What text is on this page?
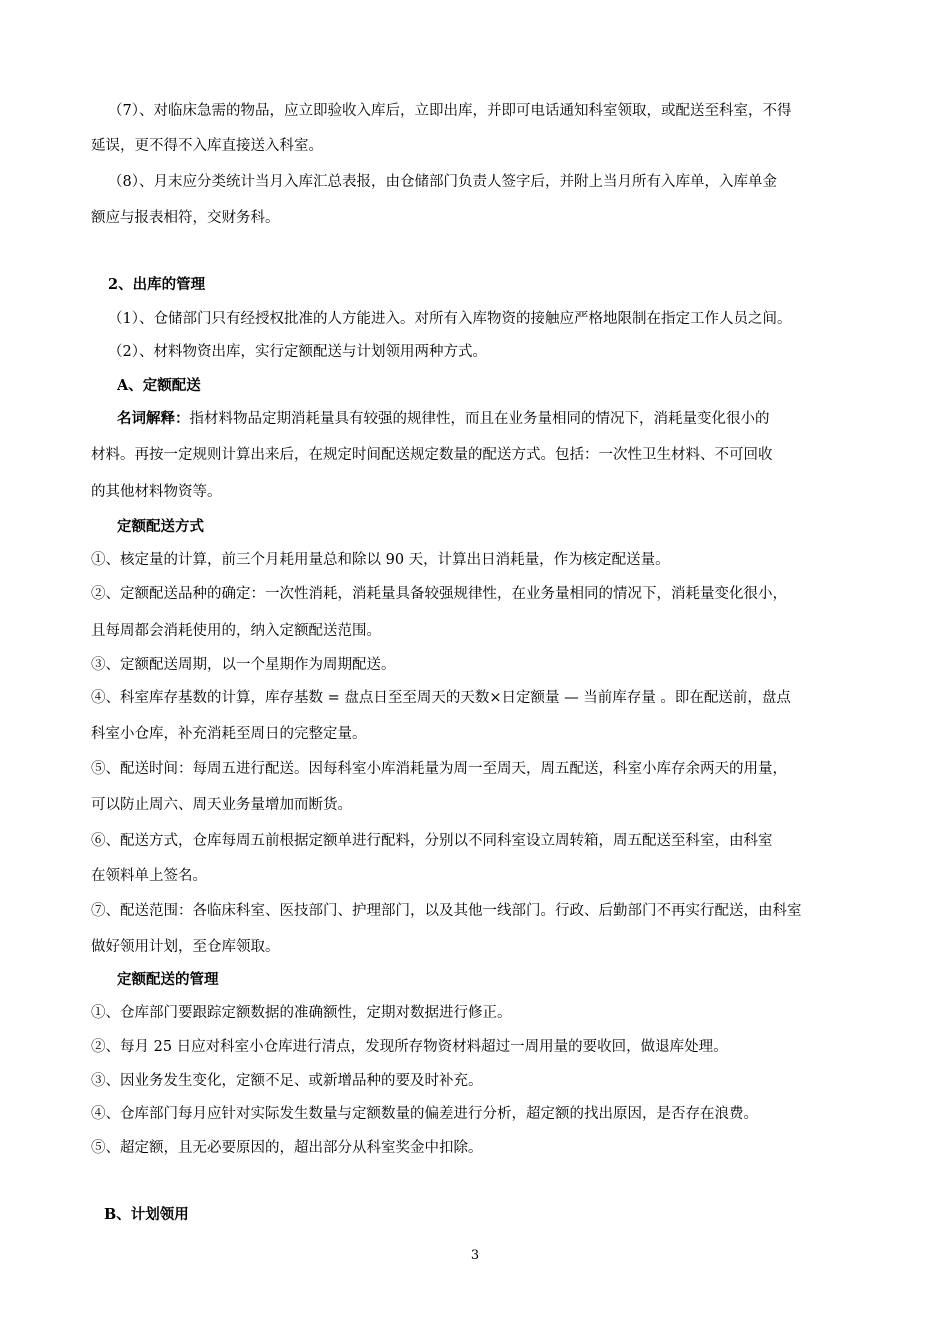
（7）、对临床急需的物品，应立即验收入库后，立即出库，并即可电话通知科室领取，或配送至科室，不得
延误，更不得不入库直接送入科室。
（8）、月末应分类统计当月入库汇总表报，由仓储部门负责人签字后，并附上当月所有入库单，入库单金
额应与报表相符，交财务科。
2、出库的管理
（1）、仓储部门只有经授权批准的人方能进入。对所有入库物资的接触应严格地限制在指定工作人员之间。
（2）、材料物资出库，实行定额配送与计划领用两种方式。
A、定额配送
名词解释：指材料物品定期消耗量具有较强的规律性，而且在业务量相同的情况下，消耗量变化很小的
材料。再按一定规则计算出来后，在规定时间配送规定数量的配送方式。包括：一次性卫生材料、不可回收
的其他材料物资等。
定额配送方式
①、核定量的计算，前三个月耗用量总和除以 90 天，计算出日消耗量，作为核定配送量。
②、定额配送品种的确定：一次性消耗，消耗量具备较强规律性，在业务量相同的情况下，消耗量变化很小，
且每周都会消耗使用的，纳入定额配送范围。
③、定额配送周期，以一个星期作为周期配送。
④、科室库存基数的计算，库存基数 = 盘点日至至周天的天数×日定额量 — 当前库存量 。即在配送前，盘点
科室小仓库，补充消耗至周日的完整定量。
⑤、配送时间：每周五进行配送。因每科室小库消耗量为周一至周天，周五配送，科室小库存余两天的用量，
可以防止周六、周天业务量增加而断货。
⑥、配送方式，仓库每周五前根据定额单进行配料，分别以不同科室设立周转箱，周五配送至科室，由科室
在领料单上签名。
⑦、配送范围：各临床科室、医技部门、护理部门，以及其他一线部门。行政、后勤部门不再实行配送，由科室
做好领用计划，至仓库领取。
定额配送的管理
①、仓库部门要跟踪定额数据的准确额性，定期对数据进行修正。
②、每月 25 日应对科室小仓库进行清点，发现所存物资材料超过一周用量的要收回，做退库处理。
③、因业务发生变化，定额不足、或新增品种的要及时补充。
④、仓库部门每月应针对实际发生数量与定额数量的偏差进行分析，超定额的找出原因，是否存在浪费。
⑤、超定额，且无必要原因的，超出部分从科室奖金中扣除。
B、计划领用
3
